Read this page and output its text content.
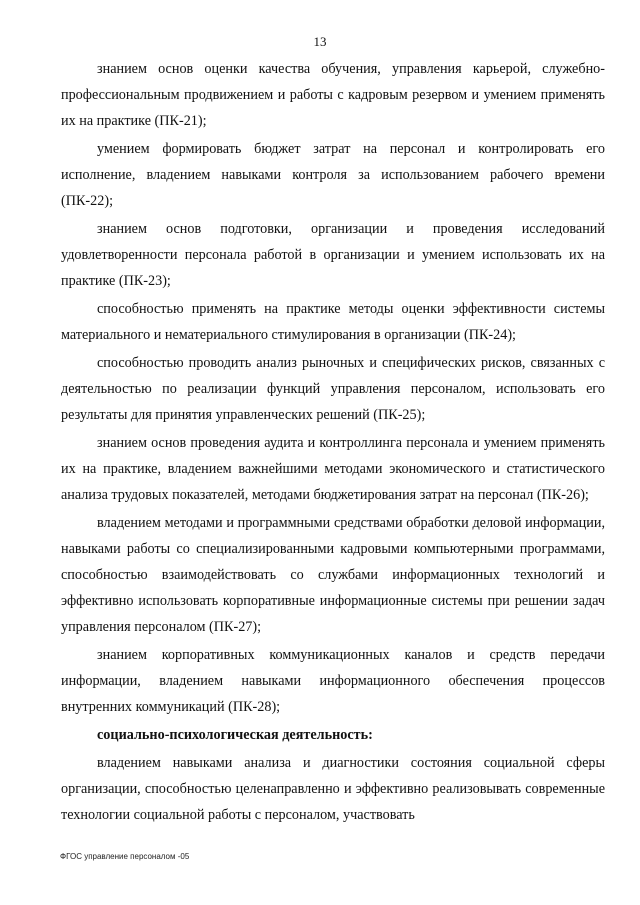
13

знанием основ оценки качества обучения, управления карьерой, служебно-профессиональным продвижением и работы с кадровым резервом и умением применять их на практике (ПК-21);

умением формировать бюджет затрат на персонал и контролировать его исполнение, владением навыками контроля за использованием рабочего времени (ПК-22);

знанием основ подготовки, организации и проведения исследований удовлетворенности персонала работой в организации и умением использовать их на практике (ПК-23);

способностью применять на практике методы оценки эффективности системы материального и нематериального стимулирования в организации (ПК-24);

способностью проводить анализ рыночных и специфических рисков, связанных с деятельностью по реализации функций управления персоналом, использовать его результаты для принятия управленческих решений (ПК-25);

знанием основ проведения аудита и контроллинга персонала и умением применять их на практике, владением важнейшими методами экономического и статистического анализа трудовых показателей, методами бюджетирования затрат на персонал (ПК-26);

владением методами и программными средствами обработки деловой информации, навыками работы со специализированными кадровыми компьютерными программами, способностью взаимодействовать со службами информационных технологий и эффективно использовать корпоративные информационные системы при решении задач управления персоналом (ПК-27);

знанием корпоративных коммуникационных каналов и средств передачи информации, владением навыками информационного обеспечения процессов внутренних коммуникаций (ПК-28);

социально-психологическая деятельность:

владением навыками анализа и диагностики состояния социальной сферы организации, способностью целенаправленно и эффективно реализовывать современные технологии социальной работы с персоналом, участвовать

ФГОС управление персоналом -05
